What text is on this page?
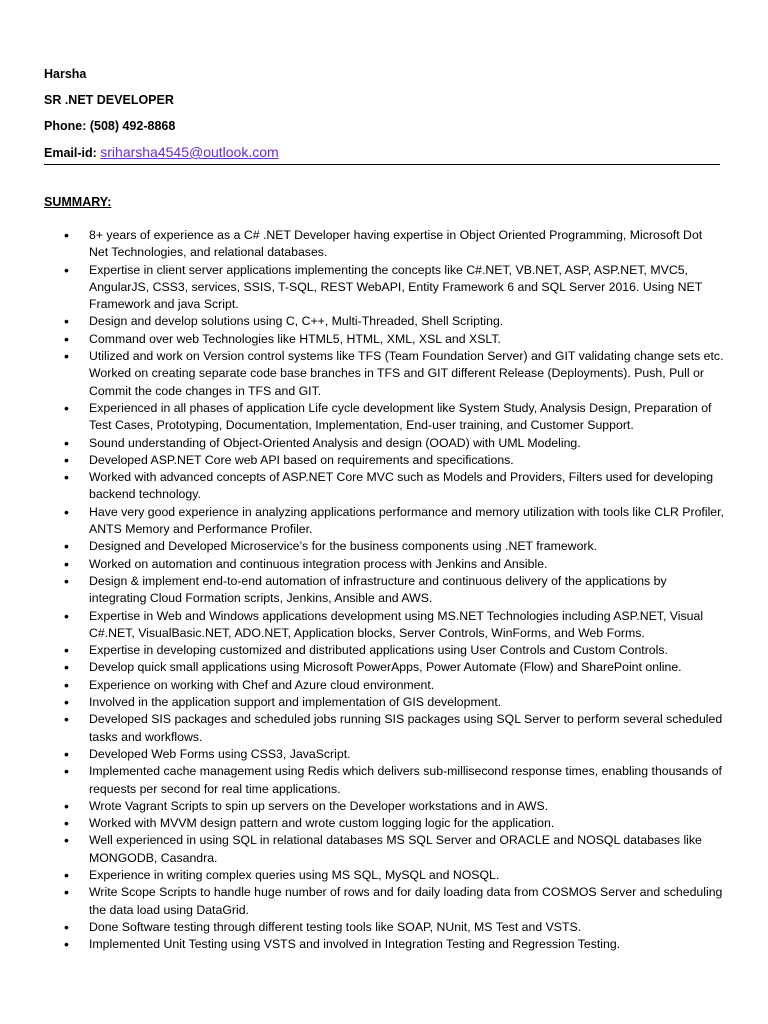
Harsha
SR .NET DEVELOPER
Phone: (508) 492-8868
Email-id: sriharsha4545@outlook.com
SUMMARY:
• 8+ years of experience as a C# .NET Developer having expertise in Object Oriented Programming, Microsoft Dot Net Technologies, and relational databases.
• Expertise in client server applications implementing the concepts like C#.NET, VB.NET, ASP, ASP.NET, MVC5, AngularJS, CSS3, services, SSIS, T-SQL, REST WebAPI, Entity Framework 6 and SQL Server 2016. Using NET Framework and java Script.
• Design and develop solutions using C, C++, Multi-Threaded, Shell Scripting.
• Command over web Technologies like HTML5, HTML, XML, XSL and XSLT.
• Utilized and work on Version control systems like TFS (Team Foundation Server) and GIT validating change sets etc. Worked on creating separate code base branches in TFS and GIT different Release (Deployments). Push, Pull or Commit the code changes in TFS and GIT.
• Experienced in all phases of application Life cycle development like System Study, Analysis Design, Preparation of Test Cases, Prototyping, Documentation, Implementation, End-user training, and Customer Support.
• Sound understanding of Object-Oriented Analysis and design (OOAD) with UML Modeling.
• Developed ASP.NET Core web API based on requirements and specifications.
• Worked with advanced concepts of ASP.NET Core MVC such as Models and Providers, Filters used for developing backend technology.
• Have very good experience in analyzing applications performance and memory utilization with tools like CLR Profiler, ANTS Memory and Performance Profiler.
• Designed and Developed Microservice’s for the business components using .NET framework.
• Worked on automation and continuous integration process with Jenkins and Ansible.
• Design & implement end-to-end automation of infrastructure and continuous delivery of the applications by integrating Cloud Formation scripts, Jenkins, Ansible and AWS.
• Expertise in Web and Windows applications development using MS.NET Technologies including ASP.NET, Visual C#.NET, VisualBasic.NET, ADO.NET, Application blocks, Server Controls, WinForms, and Web Forms.
• Expertise in developing customized and distributed applications using User Controls and Custom Controls.
• Develop quick small applications using Microsoft PowerApps, Power Automate (Flow) and SharePoint online.
• Experience on working with Chef and Azure cloud environment.
• Involved in the application support and implementation of GIS development.
• Developed SIS packages and scheduled jobs running SIS packages using SQL Server to perform several scheduled tasks and workflows.
• Developed Web Forms using CSS3, JavaScript.
• Implemented cache management using Redis which delivers sub-millisecond response times, enabling thousands of requests per second for real time applications.
• Wrote Vagrant Scripts to spin up servers on the Developer workstations and in AWS.
• Worked with MVVM design pattern and wrote custom logging logic for the application.
• Well experienced in using SQL in relational databases MS SQL Server and ORACLE and NOSQL databases like MONGODB, Casandra.
• Experience in writing complex queries using MS SQL, MySQL and NOSQL.
• Write Scope Scripts to handle huge number of rows and for daily loading data from COSMOS Server and scheduling the data load using DataGrid.
• Done Software testing through different testing tools like SOAP, NUnit, MS Test and VSTS.
• Implemented Unit Testing using VSTS and involved in Integration Testing and Regression Testing.
